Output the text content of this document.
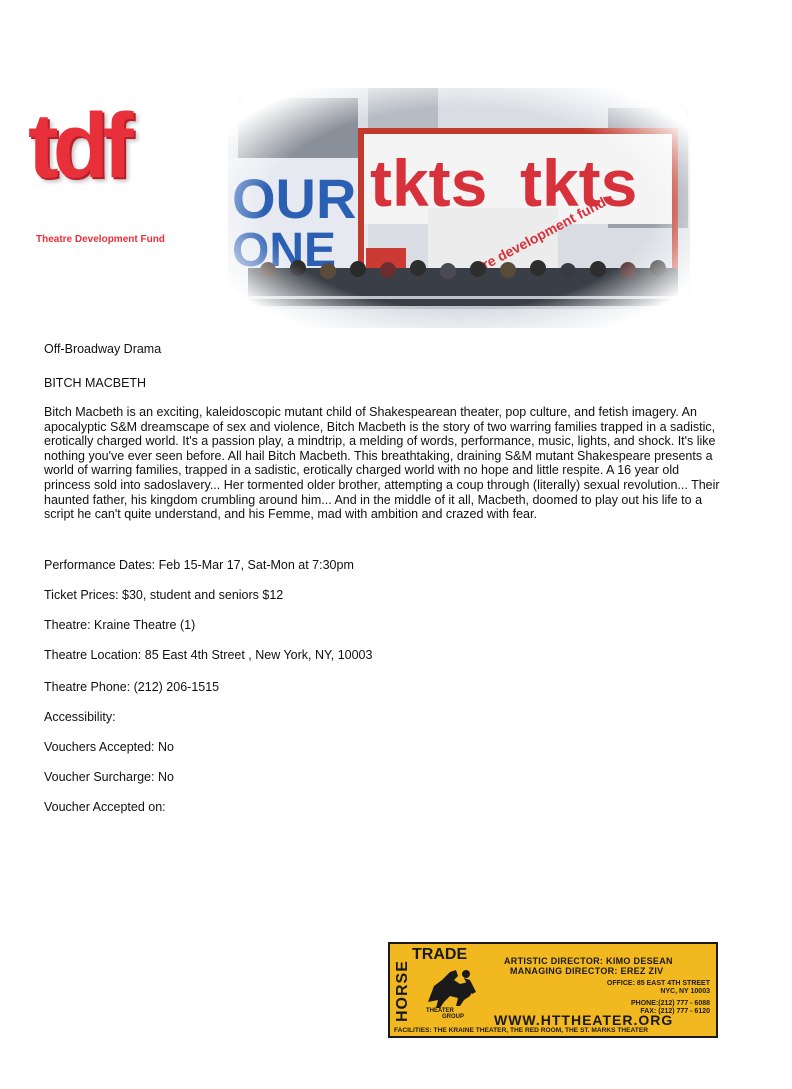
tdf
Theatre Development Fund
Off-Broadway Drama
BITCH MACBETH
Bitch Macbeth is an exciting, kaleidoscopic mutant child of Shakespearean theater, pop culture, and fetish imagery. An apocalyptic S&M dreamscape of sex and violence, Bitch Macbeth is the story of two warring families trapped in a sadistic, erotically charged world. It's a passion play, a mindtrip, a melding of words, performance, music, lights, and shock. It's like nothing you've ever seen before. All hail Bitch Macbeth. This breathtaking, draining S&M mutant Shakespeare presents a world of warring families, trapped in a sadistic, erotically charged world with no hope and little respite. A 16 year old princess sold into sadoslavery... Her tormented older brother, attempting a coup through (literally) sexual revolution... Their haunted father, his kingdom crumbling around him... And in the middle of it all, Macbeth, doomed to play out his life to a script he can't quite understand, and his Femme, mad with ambition and crazed with fear.
Performance Dates: Feb 15-Mar 17, Sat-Mon at 7:30pm
Ticket Prices: $30, student and seniors $12
Theatre: Kraine Theatre (1)
Theatre Location: 85 East 4th Street , New York, NY, 10003
Theatre Phone: (212) 206-1515
Accessibility:
Vouchers Accepted: No
Voucher Surcharge: No
Voucher Accepted on:
HORSE
TRADE
THEATER
GROUP
ARTISTIC DIRECTOR: KIMO DESEAN
MANAGING DIRECTOR: EREZ ZIV
OFFICE: 85 EAST 4TH STREET
NYC, NY 10003
PHONE:(212) 777 - 6088
FAX: (212) 777 - 6120
WWW.HTTHEATER.ORG
FACILITIES: THE KRAINE THEATER, THE RED ROOM, THE ST. MARKS THEATER
